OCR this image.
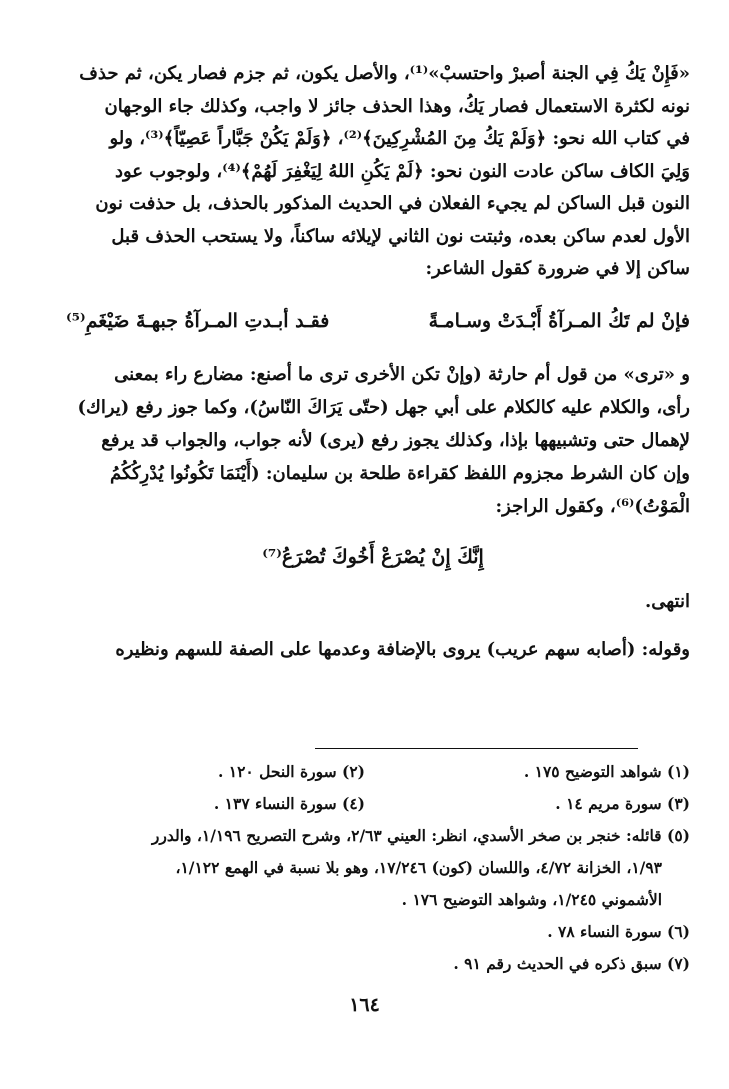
«فَإِنْ يَكُ فِي الجنة أصبرْ واحتسبْ»⁽¹⁾، والأصل يكون، ثم جزم فصار يكن، ثم حذف

نونه لكثرة الاستعمال فصار يَكُ، وهذا الحذف جائز لا واجب، وكذلك جاء الوجهان

في كتاب الله نحو: ﴿وَلَمْ يَكُ مِنَ المُشْرِكِينَ﴾⁽²⁾، ﴿وَلَمْ يَكُنْ جَبَّاراً عَصِيّاً﴾⁽³⁾، ولو

وَلِيَ الكاف ساكن عادت النون نحو: ﴿لَمْ يَكُنِ اللهُ لِيَغْفِرَ لَهُمْ﴾⁽⁴⁾، ولوجوب عود

النون قبل الساكن لم يجيء الفعلان في الحديث المذكور بالحذف، بل حذفت نون

الأول لعدم ساكن بعده، وثبتت نون الثاني لإيلائه ساكناً، ولا يستحب الحذف قبل

ساكن إلا في ضرورة كقول الشاعر:

فإنْ لم تَكُ المـرآةُ أَبْـدَتْ وسـامـةً
فقـد أبـدتِ المـرآةُ جبهـةَ ضَيْغَمِ⁽⁵⁾

و «ترى» من قول أم حارثة (وإنْ تكن الأخرى ترى ما أصنع: مضارع راء بمعنى

رأى، والكلام عليه كالكلام على أبي جهل (حتّى يَرَاكَ النّاسُ)، وكما جوز رفع (يراك)

لإهمال حتى وتشبيهها بإذا، وكذلك يجوز رفع (يرى) لأنه جواب، والجواب قد يرفع

وإن كان الشرط مجزوم اللفظ كقراءة طلحة بن سليمان: (أَيْنَمَا تَكُونُوا يُدْرِكُكُمُ

الْمَوْتُ)⁽⁶⁾، وكقول الراجز:

إِنَّكَ إِنْ يُصْرَعْ أَخُوكَ تُصْرَعُ⁽⁷⁾

انتهى.

وقوله: (أصابه سهم عريب) يروى بالإضافة وعدمها على الصفة للسهم ونظيره

(١) شواهد التوضيح ١٧٥ .
(٢) سورة النحل ١٢٠ .
(٣) سورة مريم ١٤ .
(٤) سورة النساء ١٣٧ .

(٥) قائله: خنجر بن صخر الأسدي، انظر: العيني ٢/٦٣، وشرح التصريح ١/١٩٦، والدرر

١/٩٣، الخزانة ٤/٧٢، واللسان (كون) ١٧/٢٤٦، وهو بلا نسبة في الهمع ١/١٢٢،

الأشموني ١/٢٤٥، وشواهد التوضيح ١٧٦ .

(٦) سورة النساء ٧٨ .

(٧) سبق ذكره في الحديث رقم ٩١ .

١٦٤
